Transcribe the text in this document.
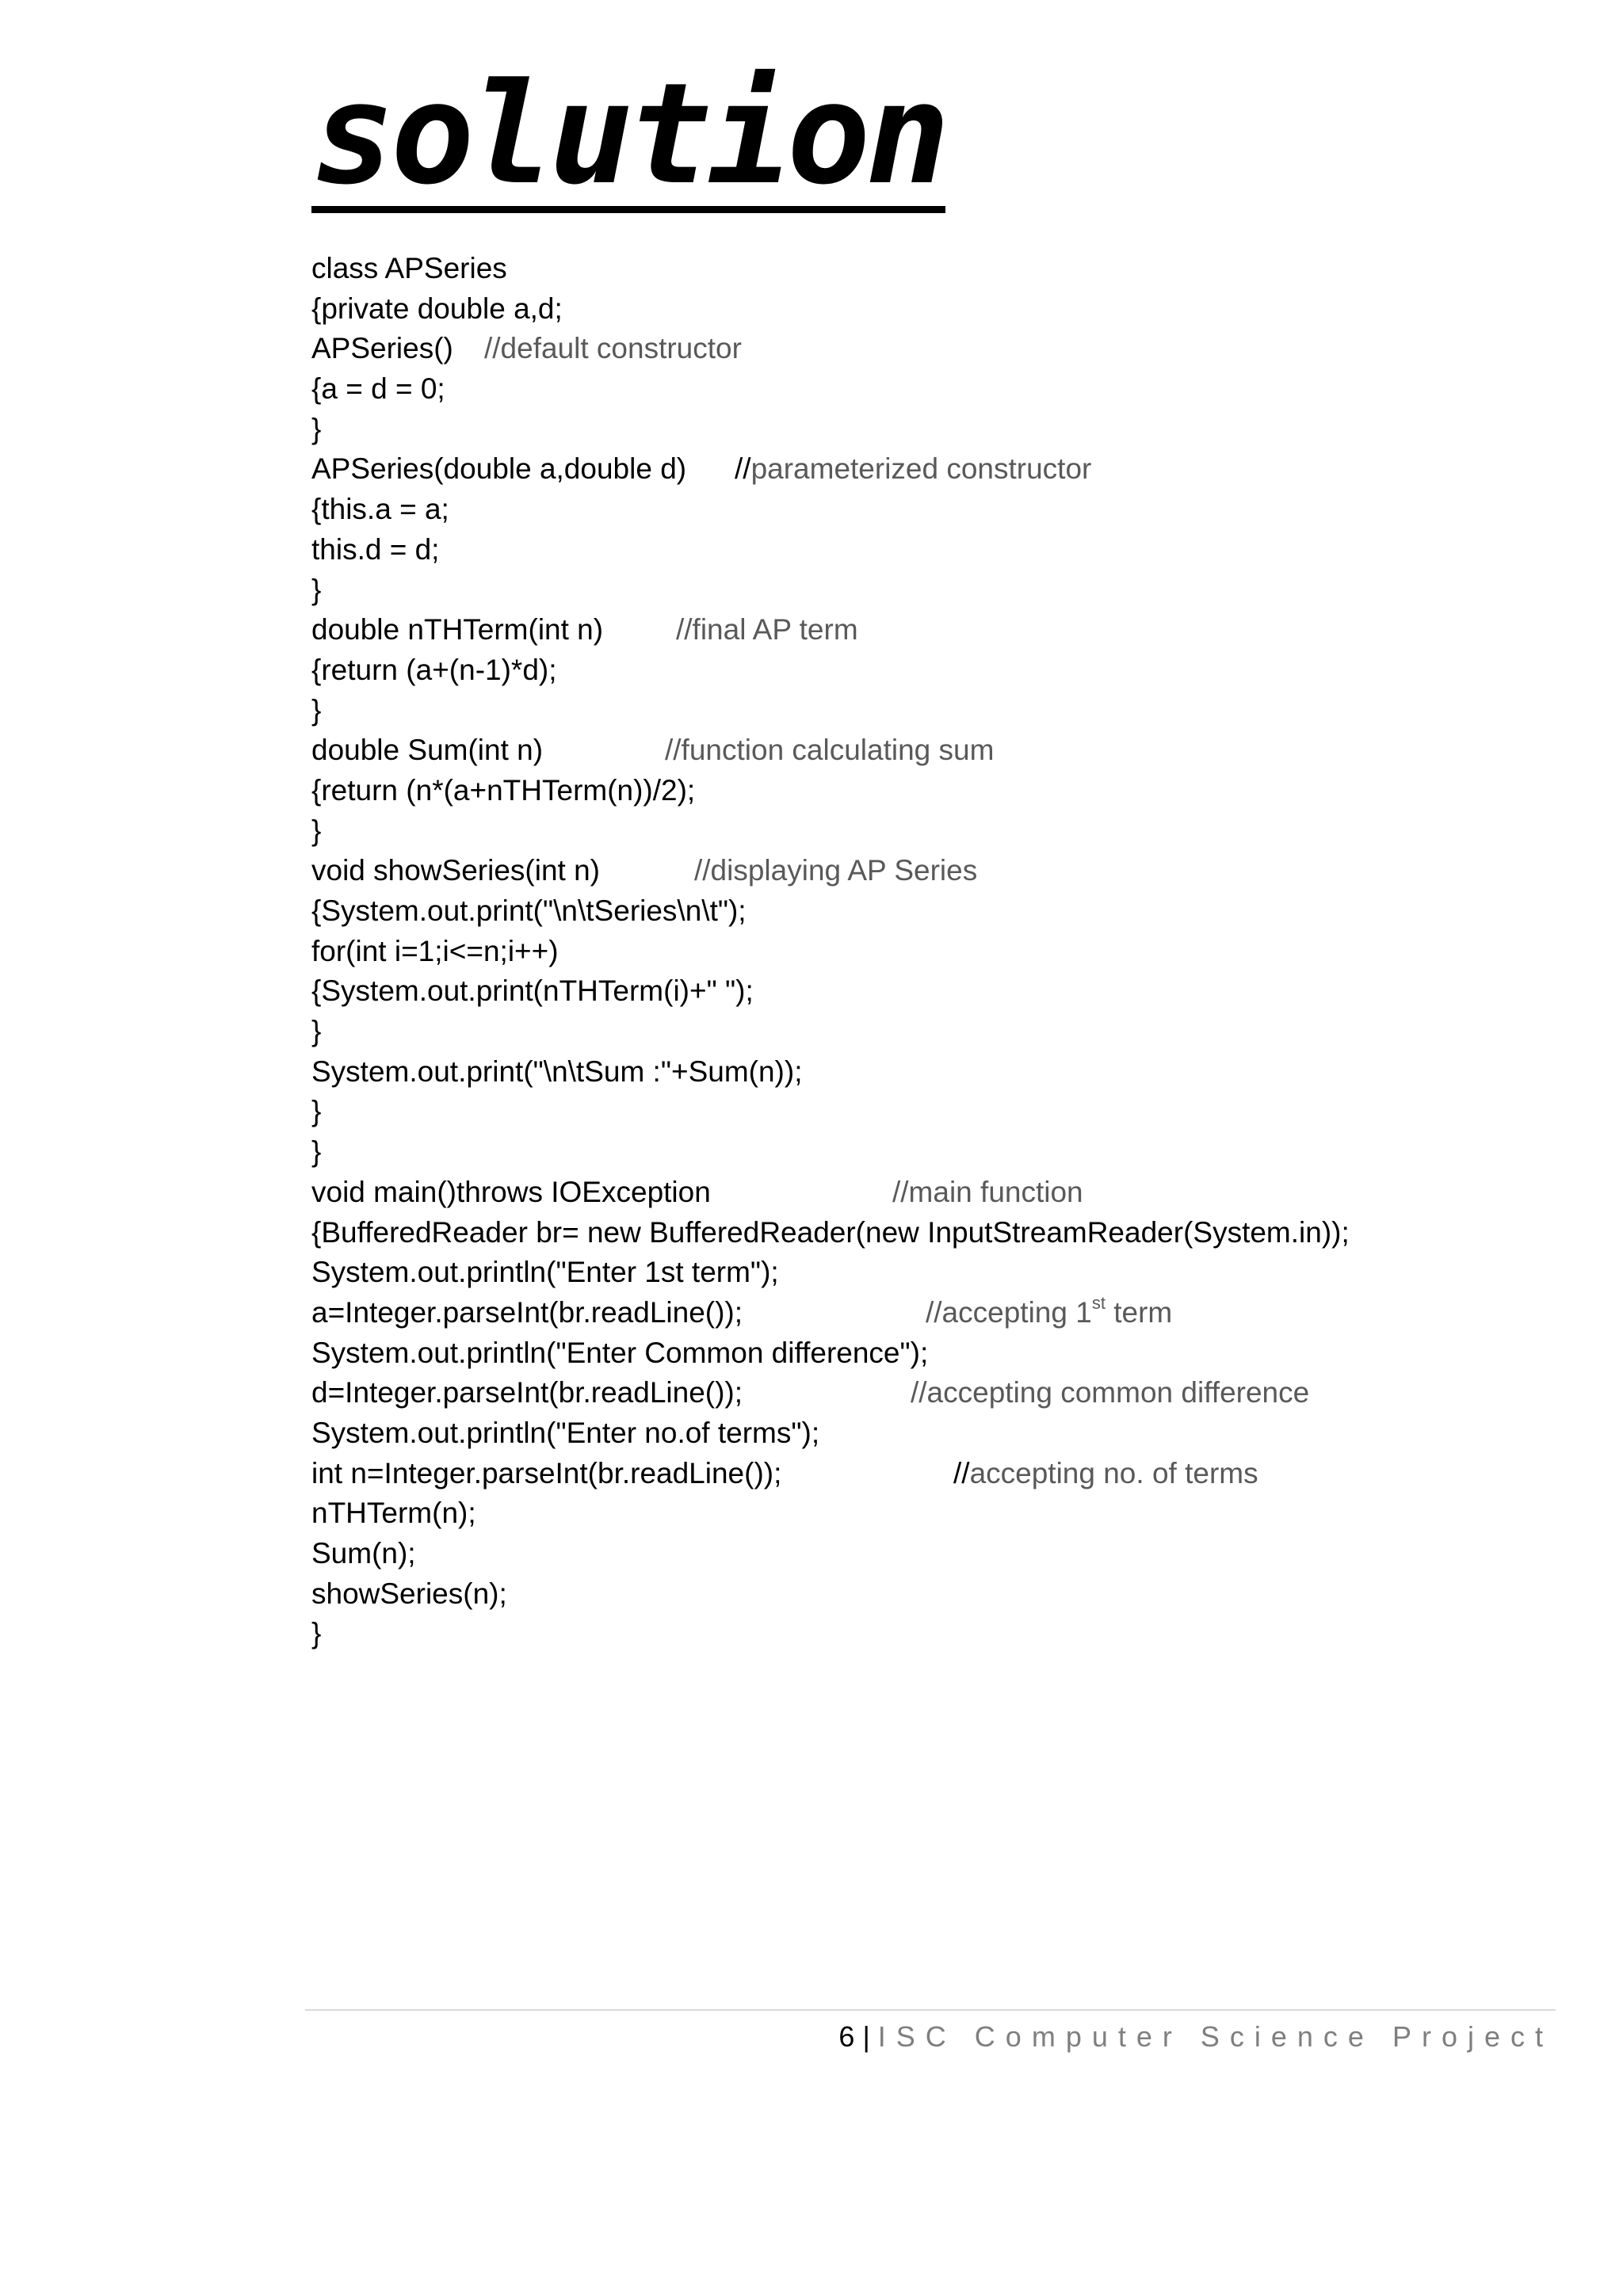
solution
class APSeries
{private double a,d;
APSeries() //default constructor
{a = d = 0;
}
APSeries(double a,double d) //parameterized constructor
{this.a = a;
this.d = d;
}
double nTHTerm(int n) //final AP term
{return (a+(n-1)*d);
}
double Sum(int n)	//function calculating sum
{return (n*(a+nTHTerm(n))/2);
}
void showSeries(int n)	//displaying AP Series
{System.out.print("\n\tSeries\n\t");
for(int i=1;i<=n;i++)
{System.out.print(nTHTerm(i)+" ");
}
System.out.print("\n\tSum :"+Sum(n));
}
}
void main()throws IOException	//main function
{BufferedReader br= new BufferedReader(new InputStreamReader(System.in));
System.out.println("Enter 1st term");
a=Integer.parseInt(br.readLine());	//accepting 1st term
System.out.println("Enter Common difference");
d=Integer.parseInt(br.readLine());	//accepting common difference
System.out.println("Enter no.of terms");
int n=Integer.parseInt(br.readLine());	//accepting no. of terms
nTHTerm(n);
Sum(n);
showSeries(n);
}
6 | ISC Computer Science Project
